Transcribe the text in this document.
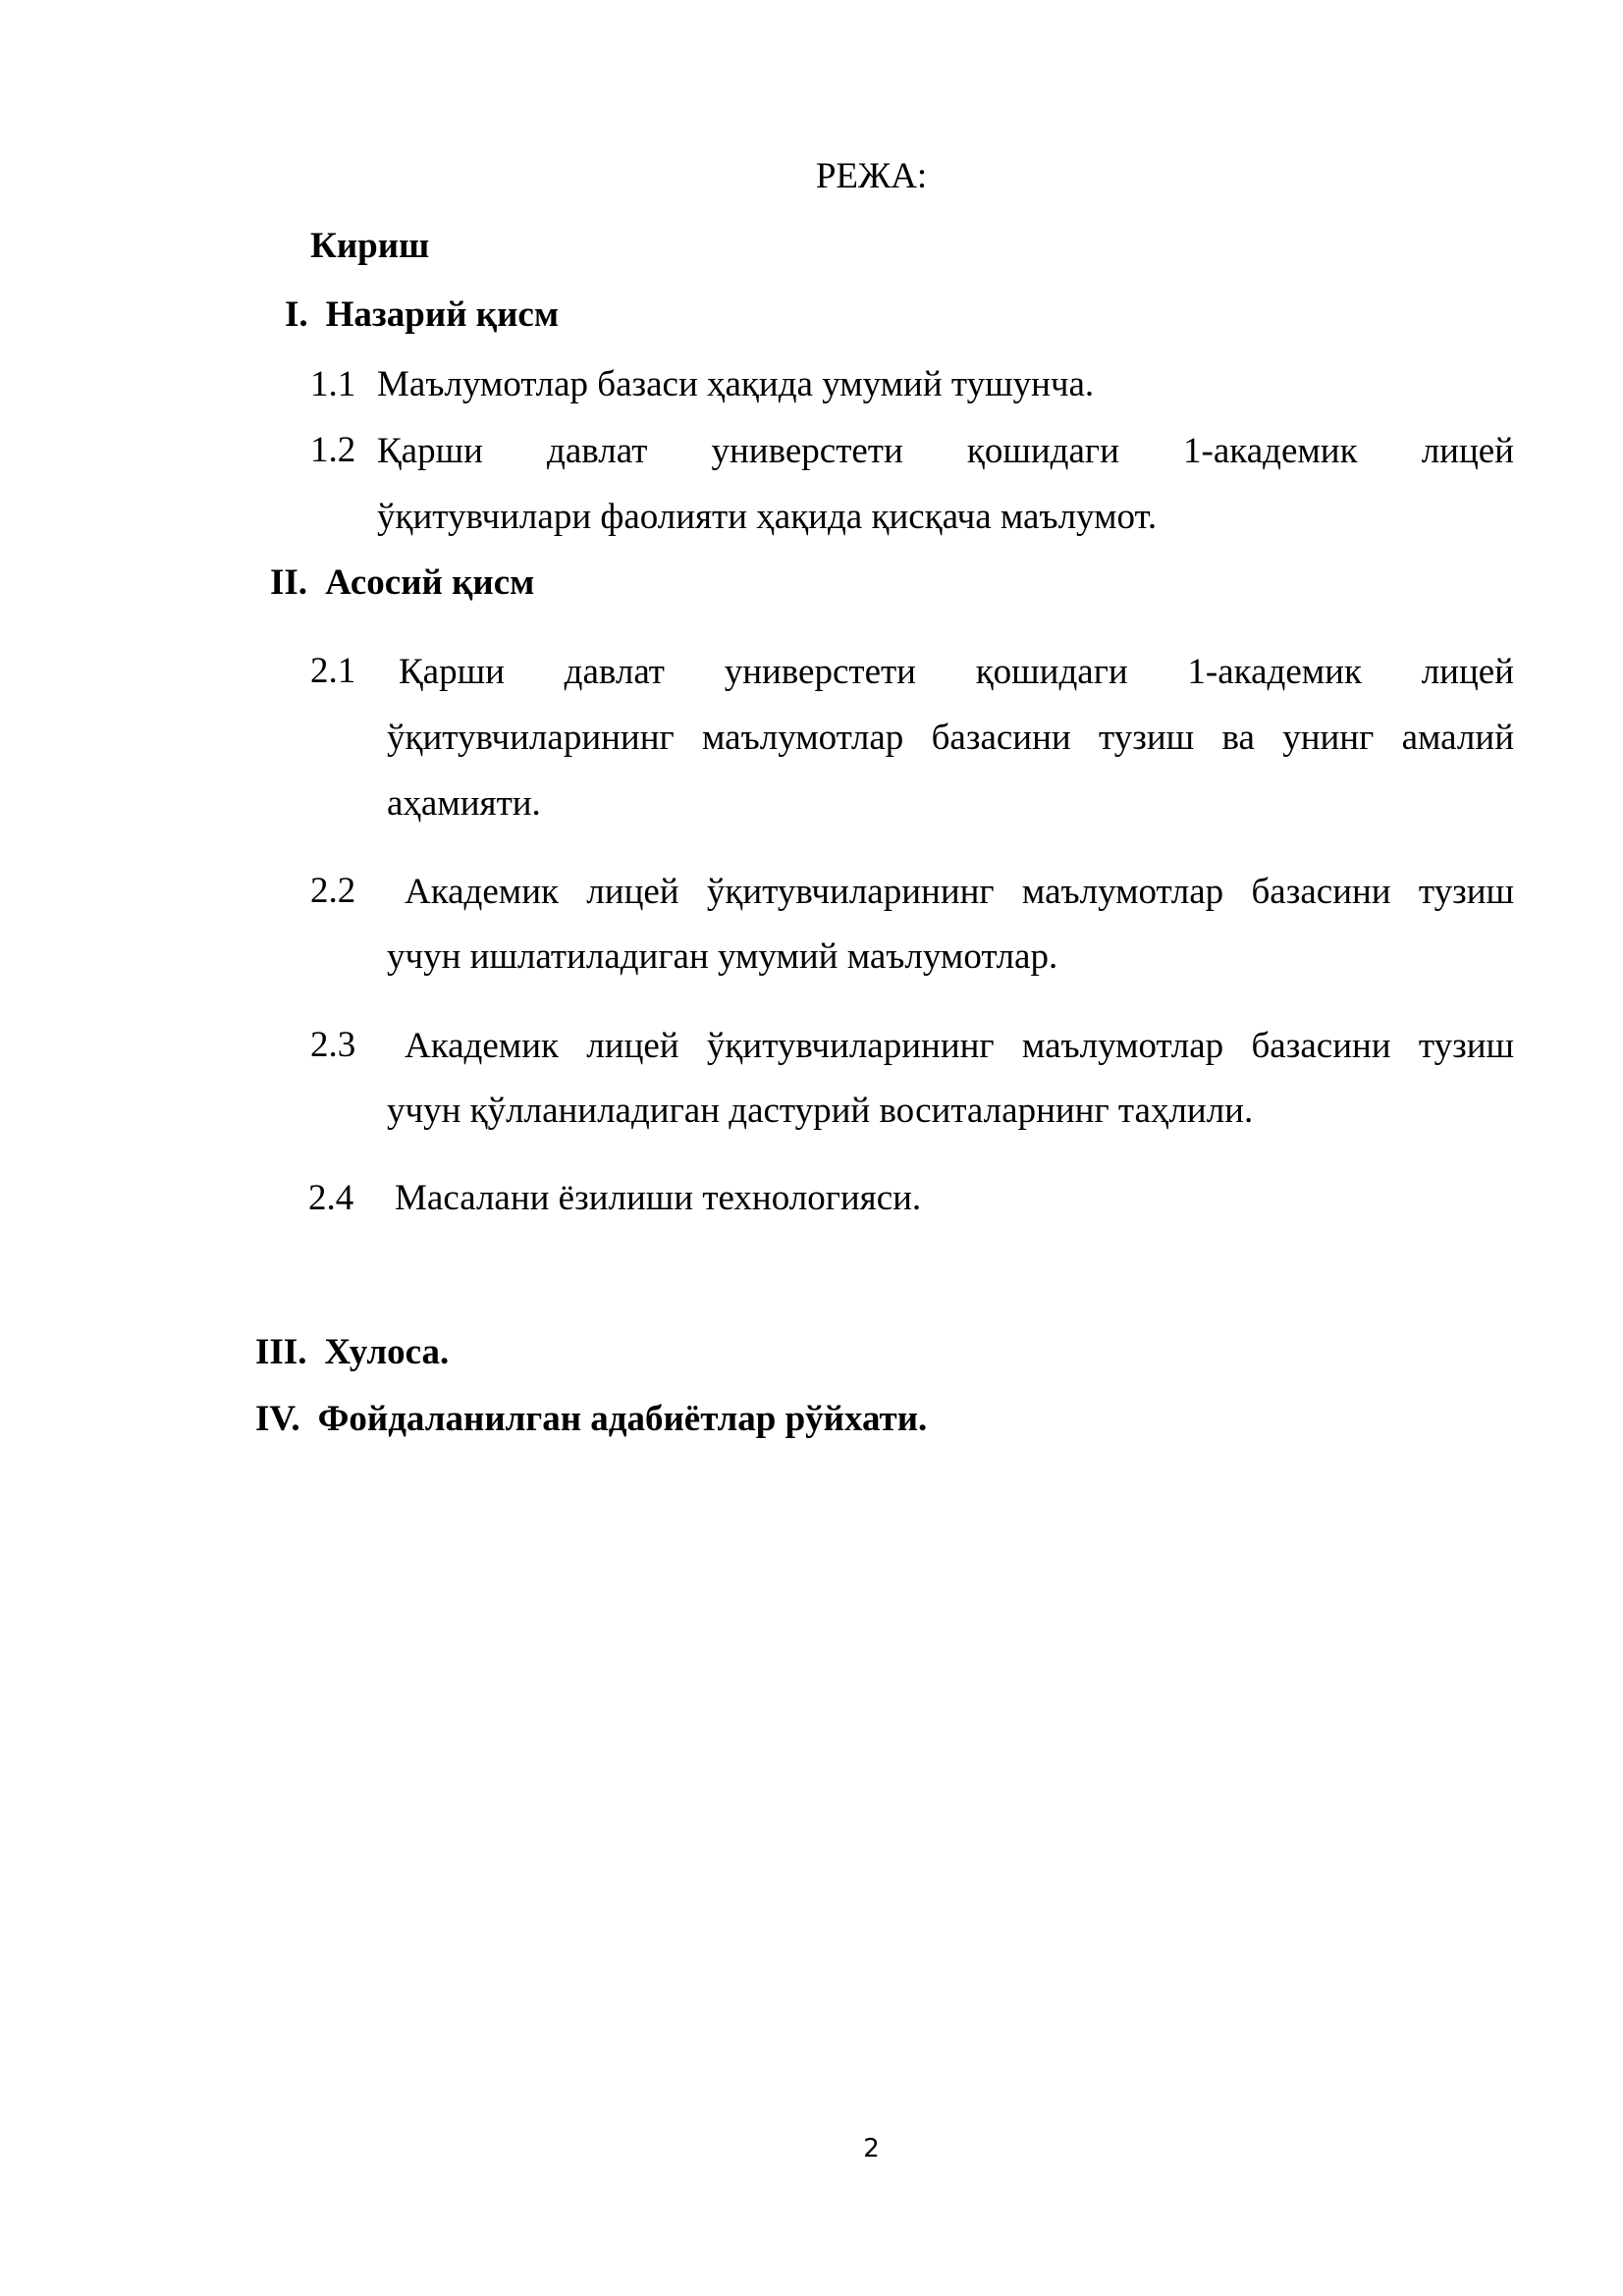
РЕЖА:

Кириш

I. Назарий қисм

1.1 Маълумотлар базаси ҳақида умумий тушунча.

1.2 Қарши давлат универстети қошидаги 1-академик лицей
ўқитувчилари фаолияти ҳақида қисқача маълумот.

II. Асосий қисм

2.1 Қарши давлат универстети қошидаги 1-академик лицей
ўқитувчиларининг маълумотлар базасини тузиш ва унинг амалий
аҳамияти.

2.2 Академик лицей ўқитувчиларининг маълумотлар базасини тузиш

учун ишлатиладиган умумий маълумотлар.

2.3 Академик лицей ўқитувчиларининг маълумотлар базасини тузиш

учун қўлланиладиган дастурий воситаларнинг таҳлили.

2.4 Масалани ёзилиши технологияси.

III. Хулоса.

IV. Фойдаланилган адабиётлар рўйхати.

2
